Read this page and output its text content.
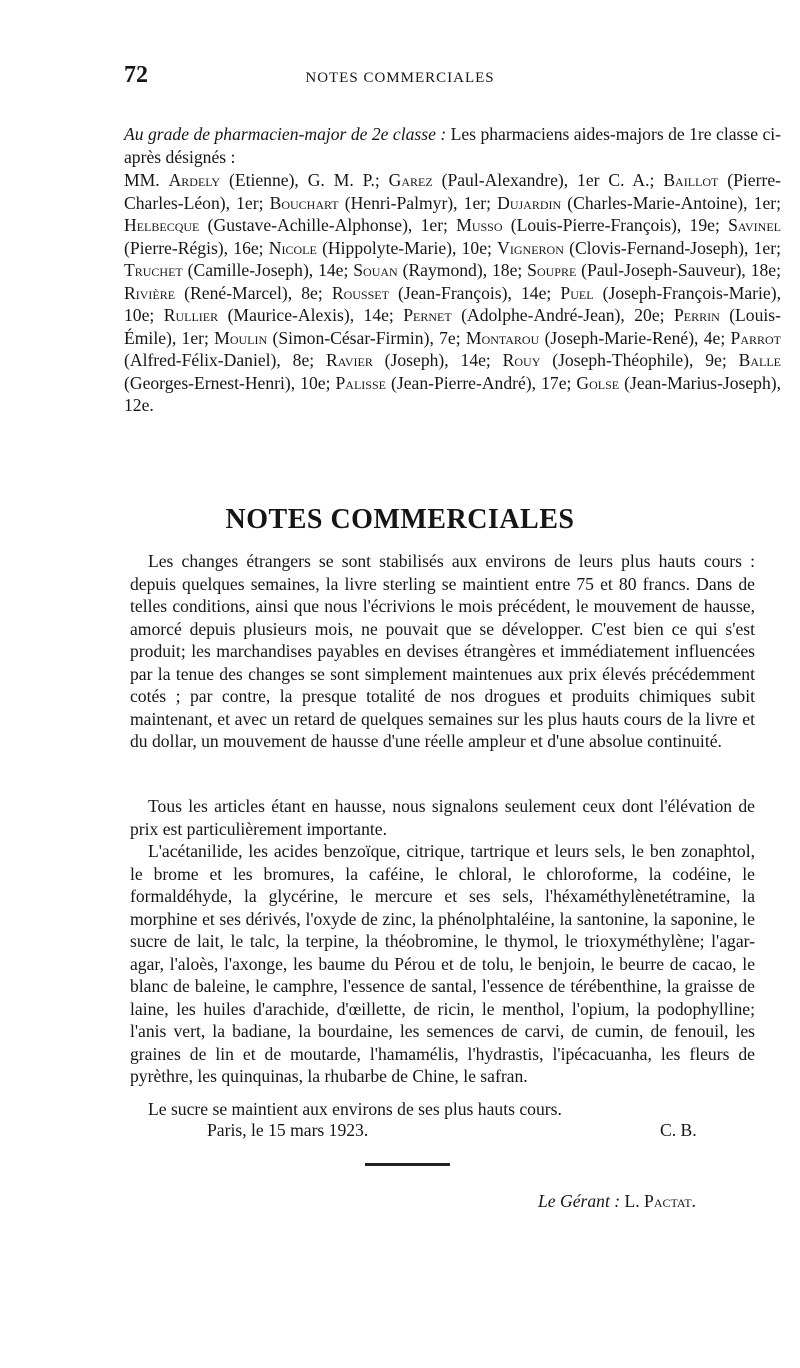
72	NOTES COMMERCIALES

Au grade de pharmacien-major de 2e classe : Les pharmaciens aides-majors de 1re classe ci-après désignés :

MM. Ardely (Etienne), G. M. P.; Garez (Paul-Alexandre), 1er C. A.; Baillot (Pierre-Charles-Léon), 1er; Bouchart (Henri-Palmyr), 1er; Dujardin (Charles-Marie-Antoine), 1er; Helbecque (Gustave-Achille-Alphonse), 1er; Musso (Louis-Pierre-François), 19e; Savinel (Pierre-Régis), 16e; Nicole (Hippolyte-Marie), 10e; Vigneron (Clovis-Fernand-Joseph), 1er; Truchet (Camille-Joseph), 14e; Souan (Raymond), 18e; Soupre (Paul-Joseph-Sauveur), 18e; Rivière (René-Marcel), 8e; Rousset (Jean-François), 14e; Puel (Joseph-François-Marie), 10e; Rullier (Maurice-Alexis), 14e; Pernet (Adolphe-André-Jean), 20e; Perrin (Louis-Émile), 1er; Moulin (Simon-César-Firmin), 7e; Montarou (Joseph-Marie-René), 4e; Parrot (Alfred-Félix-Daniel), 8e; Ravier (Joseph), 14e; Rouy (Joseph-Théophile), 9e; Balle (Georges-Ernest-Henri), 10e; Palisse (Jean-Pierre-André), 17e; Golse (Jean-Marius-Joseph), 12e.

NOTES COMMERCIALES

Les changes étrangers se sont stabilisés aux environs de leurs plus hauts cours : depuis quelques semaines, la livre sterling se maintient entre 75 et 80 francs. Dans de telles conditions, ainsi que nous l'écrivions le mois précédent, le mouvement de hausse, amorcé depuis plusieurs mois, ne pouvait que se développer. C'est bien ce qui s'est produit; les marchandises payables en devises étrangères et immédiatement influencées par la tenue des changes se sont simplement maintenues aux prix élevés précédemment cotés ; par contre, la presque totalité de nos drogues et produits chimiques subit maintenant, et avec un retard de quelques semaines sur les plus hauts cours de la livre et du dollar, un mouvement de hausse d'une réelle ampleur et d'une absolue continuité.

Tous les articles étant en hausse, nous signalons seulement ceux dont l'élévation de prix est particulièrement importante.

L'acétanilide, les acides benzoïque, citrique, tartrique et leurs sels, le ben zonaphtol, le brome et les bromures, la caféine, le chloral, le chloroforme, la codéine, le formaldéhyde, la glycérine, le mercure et ses sels, l'héxaméthylènetétramine, la morphine et ses dérivés, l'oxyde de zinc, la phénolphtaléine, la santonine, la saponine, le sucre de lait, le talc, la terpine, la théobromine, le thymol, le trioxyméthylène; l'agar-agar, l'aloès, l'axonge, les baume du Pérou et de tolu, le benjoin, le beurre de cacao, le blanc de baleine, le camphre, l'essence de santal, l'essence de térébenthine, la graisse de laine, les huiles d'arachide, d'œillette, de ricin, le menthol, l'opium, la podophylline; l'anis vert, la badiane, la bourdaine, les semences de carvi, de cumin, de fenouil, les graines de lin et de moutarde, l'hamamélis, l'hydrastis, l'ipécacuanha, les fleurs de pyrèthre, les quinquinas, la rhubarbe de Chine, le safran.

Le sucre se maintient aux environs de ses plus hauts cours.

Paris, le 15 mars 1923.	C. B.
Le Gérant : L. Pactat.
